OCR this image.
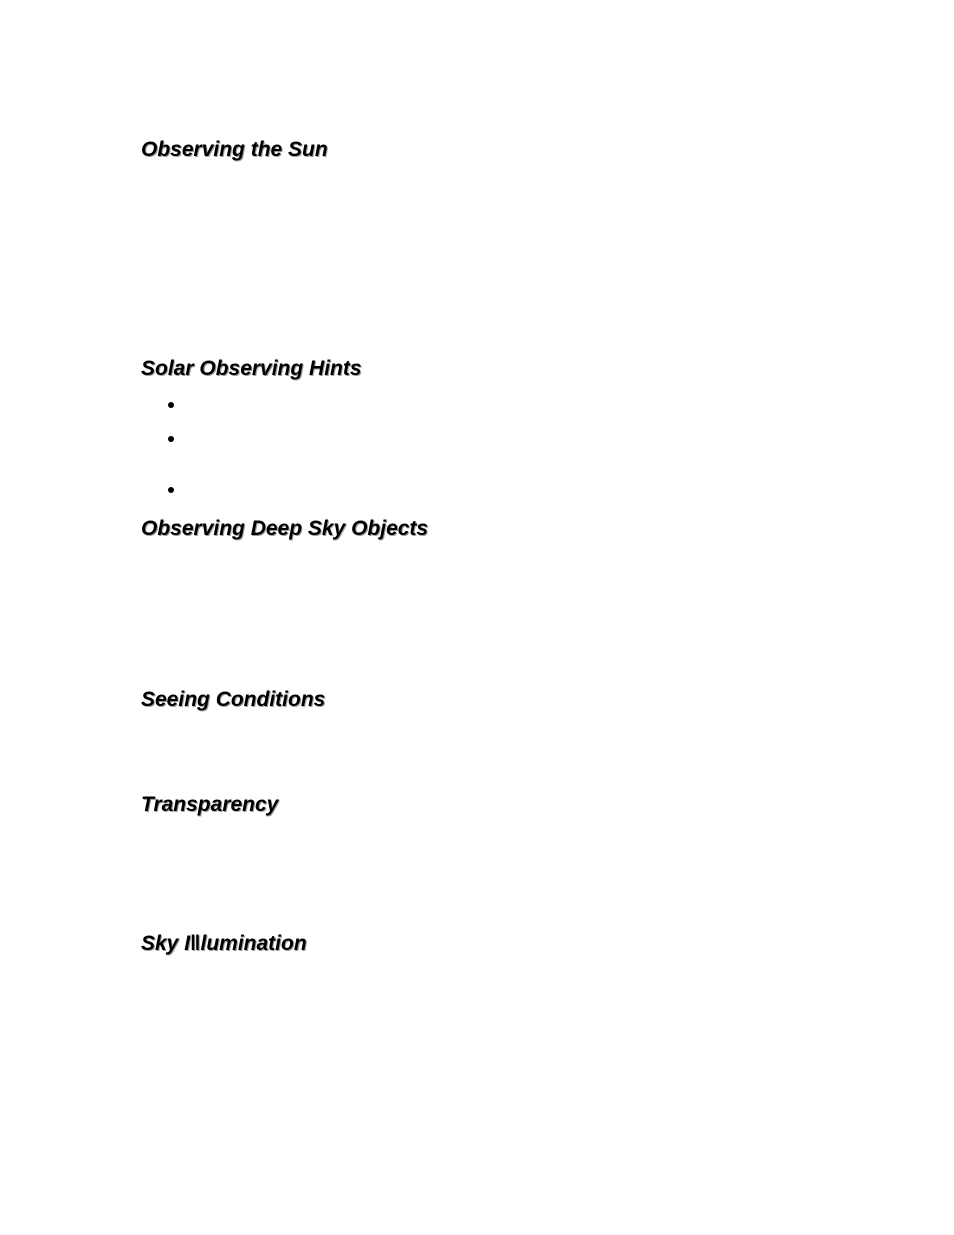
Observing the Sun
Solar Observing Hints
Observing Deep Sky Objects
Seeing Conditions
Transparency
Sky I‖lumination
